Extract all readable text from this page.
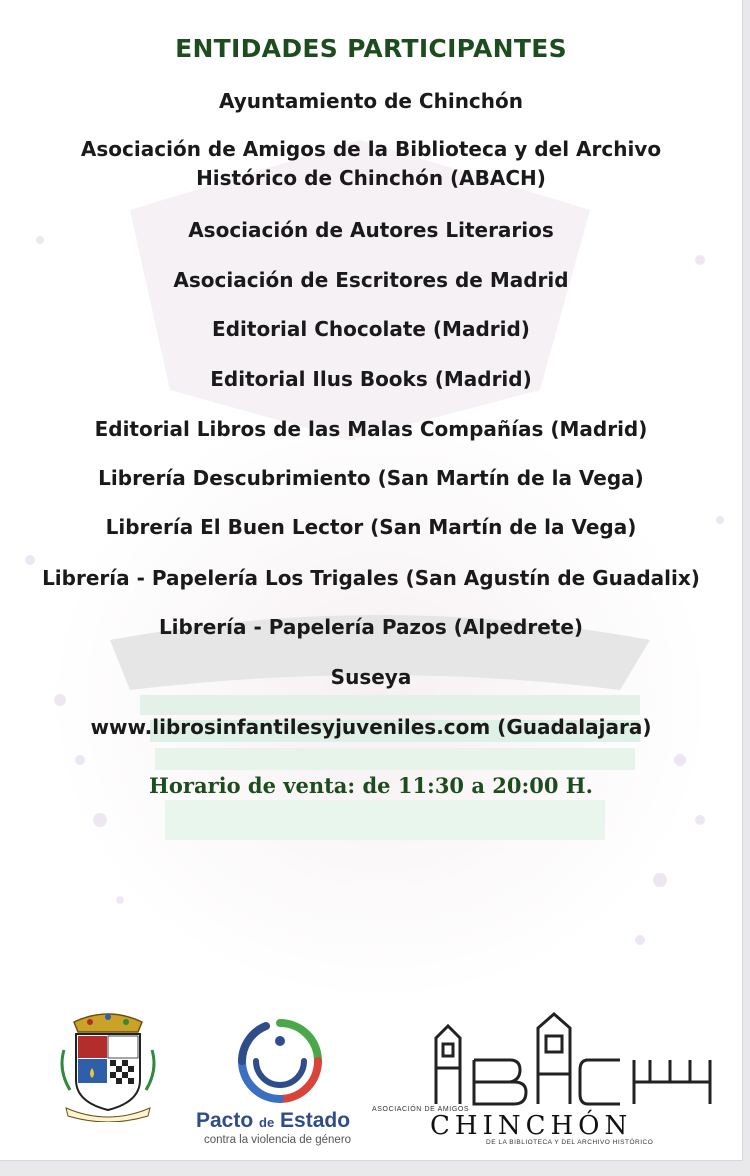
ENTIDADES PARTICIPANTES
Ayuntamiento de Chinchón
Asociación de Amigos de la Biblioteca y del Archivo
Histórico de Chinchón (ABACH)
Asociación de Autores Literarios
Asociación de Escritores de Madrid
Editorial Chocolate (Madrid)
Editorial Ilus Books (Madrid)
Editorial Libros de las Malas Compañías (Madrid)
Librería Descubrimiento (San Martín de la Vega)
Librería El Buen Lector (San Martín de la Vega)
Librería - Papelería Los Trigales (San Agustín de Guadalix)
Librería - Papelería Pazos (Alpedrete)
Suseya
www.librosinfantilesyjuveniles.com (Guadalajara)
Horario de venta: de 11:30 a 20:00 H.
Pacto de Estado
contra la violencia de género
ASOCIACIÓN DE AMIGOS
CHINCHÓN
DE LA BIBLIOTECA Y DEL ARCHIVO HISTÓRICO
